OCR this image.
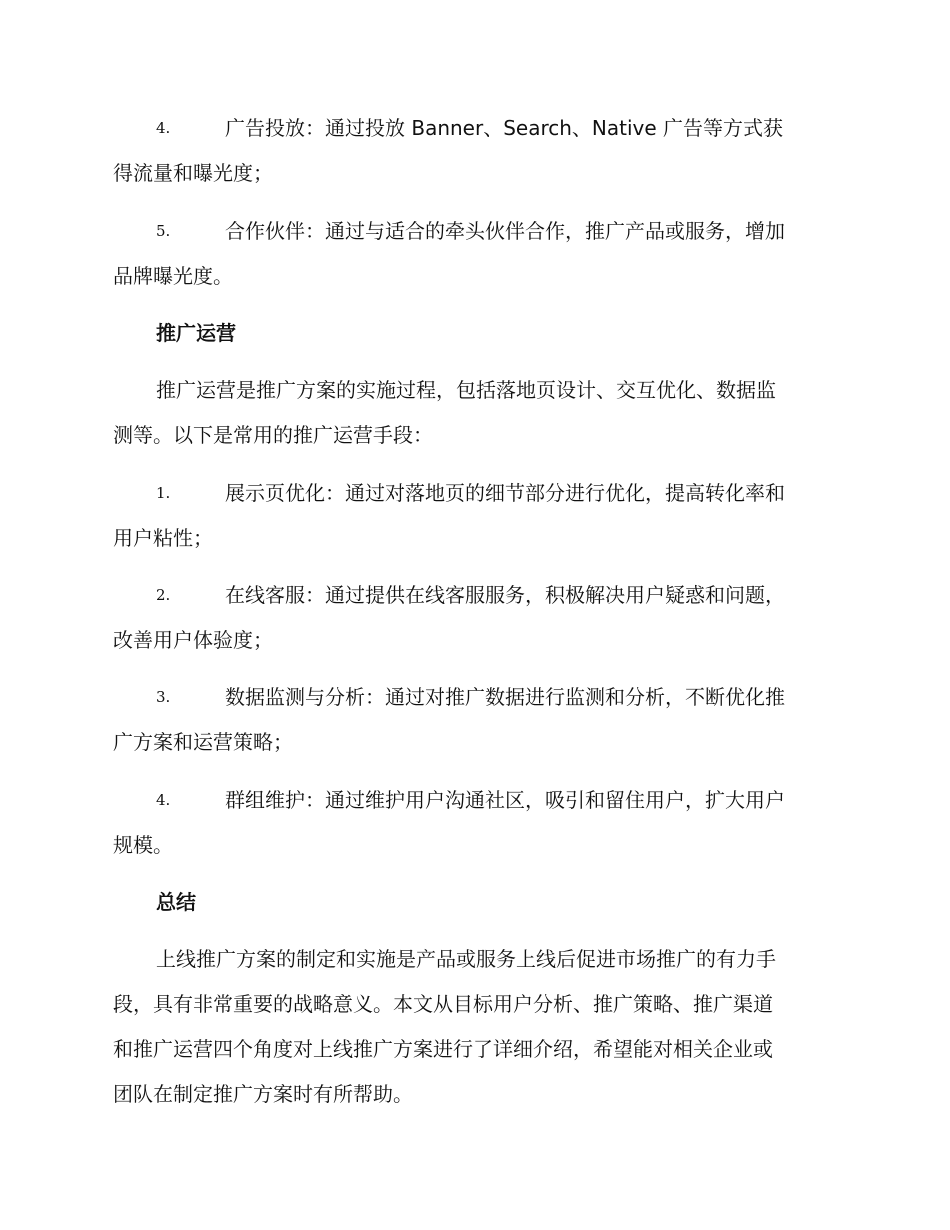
4.	广告投放：通过投放 Banner、Search、Native 广告等方式获
得流量和曝光度；
5.	合作伙伴：通过与适合的牵头伙伴合作，推广产品或服务，增加
品牌曝光度。
推广运营
推广运营是推广方案的实施过程，包括落地页设计、交互优化、数据监
测等。以下是常用的推广运营手段：
1.	展示页优化：通过对落地页的细节部分进行优化，提高转化率和
用户粘性；
2.	在线客服：通过提供在线客服服务，积极解决用户疑惑和问题，
改善用户体验度；
3.	数据监测与分析：通过对推广数据进行监测和分析，不断优化推
广方案和运营策略；
4.	群组维护：通过维护用户沟通社区，吸引和留住用户，扩大用户
规模。
总结
上线推广方案的制定和实施是产品或服务上线后促进市场推广的有力手
段，具有非常重要的战略意义。本文从目标用户分析、推广策略、推广渠道
和推广运营四个角度对上线推广方案进行了详细介绍，希望能对相关企业或
团队在制定推广方案时有所帮助。
